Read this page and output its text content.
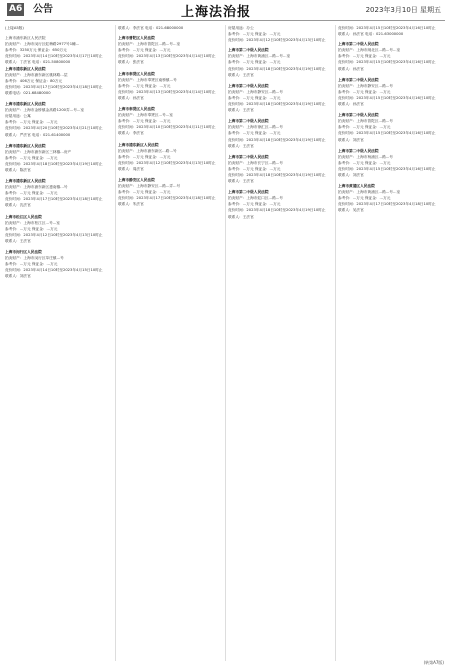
A6 公告	上海法治报	2023年3月10日 星期五

(上接A5版)

上海市浦东新区人民法院

拍卖财产：上海市闵行区虹梅路2977号1幢...

参考价：3250万元 保证金：650万元

竞价时间：2023年4月14日10时至2023年4月17日10时止

联系人：丁法官 电话：021-50800000

上海市浦东新区人民法院

拍卖财产：上海市浦东新区桃林路...层

参考价：406万元 保证金：80万元

竞价时间：2023年4月17日10时至2023年4月18日10时止

联系电话：021-68480000

上海市浦东新区人民法院

拍卖财产：上海市金桥镇金高路1200弄...号...室

房屋用途：公寓

参考价：...万元 保证金：...万元

竞价时间：2023年4月20日10时至2023年4月21日10时止

联系人：严法官 电话：021-61400000

上海市浦东新区人民法院

拍卖财产：上海市浦东新区三林镇...房产

参考价：...万元 保证金：...万元

竞价时间：2023年4月18日10时至2023年4月19日10时止

联系人：陈法官

上海市浦东新区人民法院

拍卖财产：上海市浦东新区惠南镇...号

参考价：...万元 保证金：...万元

竞价时间：2023年4月17日10时至2023年4月18日10时止

联系人：沈法官

上海市松江区人民法院

拍卖财产：上海市松江区...号...室

参考价：...万元 保证金：...万元

竞价时间：2023年4月12日10时至2023年4月13日10时止

联系人：王法官

上海市闵行区人民法院

拍卖财产：上海市闵行区莘庄镇...号

参考价：...万元 保证金：...万元

竞价时间：2023年4月14日10时至2023年4月15日10时止

联系人：刘法官

联系人：李法官 电话：021-68000000

上海市普陀区人民法院

拍卖财产：上海市普陀区...路...号...室

参考价：...万元 保证金：...万元

竞价时间：2023年4月13日10时至2023年4月14日10时止

联系人：张法官

上海市奉贤区人民法院

拍卖财产：上海市奉贤区南桥镇...号

参考价：...万元 保证金：...万元

竞价时间：2023年4月13日10时至2023年4月14日10时止

联系人：孙法官

上海市奉贤区人民法院

拍卖财产：上海市奉贤区...号...室

参考价：...万元 保证金：...万元

竞价时间：2023年4月10日10时至2023年4月11日10时止

联系人：李法官

上海市浦东新区人民法院

拍卖财产：上海市浦东新区...路...号

参考价：...万元 保证金：...万元

竞价时间：2023年4月12日10时至2023年4月13日10时止

联系人：周法官

上海市静安区人民法院

拍卖财产：上海市静安区...路...弄...号

参考价：...万元 保证金：...万元

竞价时间：2023年4月17日10时至2023年4月18日10时止

联系人：朱法官

房屋用途：办公

参考价：...万元 保证金：...万元

竞价时间：2023年4月12日10时至2023年4月13日10时止

上海市第二中级人民法院

拍卖财产：上海市黄浦区...路...号...室

参考价：...万元 保证金：...万元

竞价时间：2023年4月18日10时至2023年4月19日10时止

联系人：王法官

上海市第二中级人民法院

拍卖财产：上海市静安区...路...号

参考价：...万元 保证金：...万元

竞价时间：2023年4月18日10时至2023年4月19日10时止

联系人：王法官

上海市第二中级人民法院

拍卖财产：上海市徐汇区...路...号

参考价：...万元 保证金：...万元

竞价时间：2023年4月18日10时至2023年4月19日10时止

联系人：王法官

上海市第二中级人民法院

拍卖财产：上海市长宁区...路...号

参考价：...万元 保证金：...万元

竞价时间：2023年4月18日10时至2023年4月19日10时止

联系人：王法官

上海市第二中级人民法院

拍卖财产：上海市虹口区...路...号

参考价：...万元 保证金：...万元

竞价时间：2023年4月18日10时至2023年4月19日10时止

联系人：王法官

竞价时间：2023年4月15日10时至2023年4月16日10时止

联系人：孙法官 电话：021-63000000

上海市第二中级人民法院

拍卖财产：上海市闸北区...路...号...室

参考价：...万元 保证金：...万元

竞价时间：2023年4月15日10时至2023年4月16日10时止

联系人：孙法官

上海市第二中级人民法院

拍卖财产：上海市静安区...路...号

参考价：...万元 保证金：...万元

竞价时间：2023年4月15日10时至2023年4月16日10时止

联系人：孙法官

上海市第二中级人民法院

拍卖财产：上海市普陀区...路...号

参考价：...万元 保证金：...万元

竞价时间：2023年4月15日10时至2023年4月16日10时止

联系人：刘法官

上海市第二中级人民法院

拍卖财产：上海市杨浦区...路...号

参考价：...万元 保证金：...万元

竞价时间：2023年4月15日10时至2023年4月16日10时止

联系人：刘法官

上海市黄浦区人民法院

拍卖财产：上海市黄浦区...路...号...室

参考价：...万元 保证金：...万元

竞价时间：2023年4月17日10时至2023年4月18日10时止

联系人：吴法官

(转第A7版)
